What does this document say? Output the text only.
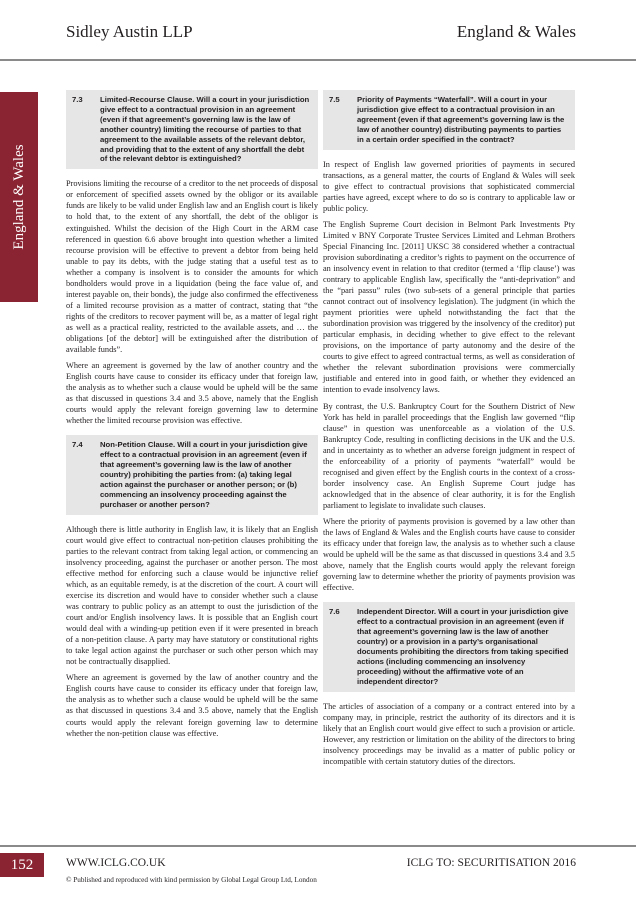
Sidley Austin LLP	England & Wales
England & Wales
7.3	Limited-Recourse Clause. Will a court in your jurisdiction give effect to a contractual provision in an agreement (even if that agreement’s governing law is the law of another country) limiting the recourse of parties to that agreement to the available assets of the relevant debtor, and providing that to the extent of any shortfall the debt of the relevant debtor is extinguished?

Provisions limiting the recourse of a creditor to the net proceeds of disposal or enforcement of specified assets owned by the obligor or its available funds are likely to be valid under English law and an English court is likely to hold that, to the extent of any shortfall, the debt of the obligor is extinguished. Whilst the decision of the High Court in the ARM case referenced in question 6.6 above brought into question whether a limited recourse provision will be effective to prevent a debtor from being held unable to pay its debts, with the judge stating that a useful test as to whether a company is insolvent is to consider the amounts for which bondholders would prove in a liquidation (being the face value of, and interest payable on, their bonds), the judge also confirmed the effectiveness of a limited recourse provision as a matter of contract, stating that “the rights of the creditors to recover payment will be, as a matter of legal right as well as a practical reality, restricted to the available assets, and … the obligations [of the debtor] will be extinguished after the distribution of available funds”.

Where an agreement is governed by the law of another country and the English courts have cause to consider its efficacy under that foreign law, the analysis as to whether such a clause would be upheld will be the same as that discussed in questions 3.4 and 3.5 above, namely that the English courts would apply the relevant foreign governing law to determine whether the limited recourse provision was effective.

7.4	Non-Petition Clause. Will a court in your jurisdiction give effect to a contractual provision in an agreement (even if that agreement’s governing law is the law of another country) prohibiting the parties from: (a) taking legal action against the purchaser or another person; or (b) commencing an insolvency proceeding against the purchaser or another person?

Although there is little authority in English law, it is likely that an English court would give effect to contractual non-petition clauses prohibiting the parties to the relevant contract from taking legal action, or commencing an insolvency proceeding, against the purchaser or another person. The most effective method for enforcing such a clause would be injunctive relief which, as an equitable remedy, is at the discretion of the court. A court will exercise its discretion and would have to consider whether such a clause was contrary to public policy as an attempt to oust the jurisdiction of the court and/or English insolvency laws. It is possible that an English court would deal with a winding-up petition even if it were presented in breach of a non-petition clause. A party may have statutory or constitutional rights to take legal action against the purchaser or such other person which may not be contractually disapplied.

Where an agreement is governed by the law of another country and the English courts have cause to consider its efficacy under that foreign law, the analysis as to whether such a clause would be upheld will be the same as that discussed in questions 3.4 and 3.5 above, namely that the English courts would apply the relevant foreign governing law to determine whether the non-petition clause was effective.

7.5	Priority of Payments “Waterfall”. Will a court in your jurisdiction give effect to a contractual provision in an agreement (even if that agreement’s governing law is the law of another country) distributing payments to parties in a certain order specified in the contract?

In respect of English law governed priorities of payments in secured transactions, as a general matter, the courts of England & Wales will seek to give effect to contractual provisions that sophisticated commercial parties have agreed, except where to do so is contrary to applicable law or public policy.

The English Supreme Court decision in Belmont Park Investments Pty Limited v BNY Corporate Trustee Services Limited and Lehman Brothers Special Financing Inc. [2011] UKSC 38 considered whether a contractual provision subordinating a creditor’s rights to payment on the occurrence of an insolvency event in relation to that creditor (termed a ‘flip clause’) was contrary to applicable English law, specifically the “anti-deprivation” and the “pari passu” rules (two sub-sets of a general principle that parties cannot contract out of insolvency legislation). The judgment (in which the payment priorities were upheld notwithstanding the fact that the subordination provision was triggered by the insolvency of the creditor) put particular emphasis, in deciding whether to give effect to the relevant provisions, on the importance of party autonomy and the desire of the courts to give effect to agreed contractual terms, as well as consideration of whether the relevant subordination provisions were commercially justifiable and entered into in good faith, or whether they evidenced an intention to evade insolvency laws.

By contrast, the U.S. Bankruptcy Court for the Southern District of New York has held in parallel proceedings that the English law governed “flip clause” in question was unenforceable as a violation of the U.S. Bankruptcy Code, resulting in conflicting decisions in the UK and the U.S. and in uncertainty as to whether an adverse foreign judgment in respect of the enforceability of a priority of payments “waterfall” would be recognised and given effect by the English courts in the context of a cross-border insolvency case. An English Supreme Court judge has acknowledged that in the absence of clear authority, it is for the English parliament to legislate to invalidate such clauses.

Where the priority of payments provision is governed by a law other than the laws of England & Wales and the English courts have cause to consider its efficacy under that foreign law, the analysis as to whether such a clause would be upheld will be the same as that discussed in questions 3.4 and 3.5 above, namely that the English courts would apply the relevant foreign governing law to determine whether the priority of payments provision was effective.

7.6	Independent Director. Will a court in your jurisdiction give effect to a contractual provision in an agreement (even if that agreement’s governing law is the law of another country) or a provision in a party’s organisational documents prohibiting the directors from taking specified actions (including commencing an insolvency proceeding) without the affirmative vote of an independent director?

The articles of association of a company or a contract entered into by a company may, in principle, restrict the authority of its directors and it is likely that an English court would give effect to such a provision or article. However, any restriction or limitation on the ability of the directors to bring insolvency proceedings may be invalid as a matter of public policy or incompatible with certain statutory duties of the directors.

152	WWW.ICLG.CO.UK	ICLG TO: SECURITISATION 2016
© Published and reproduced with kind permission by Global Legal Group Ltd, London
